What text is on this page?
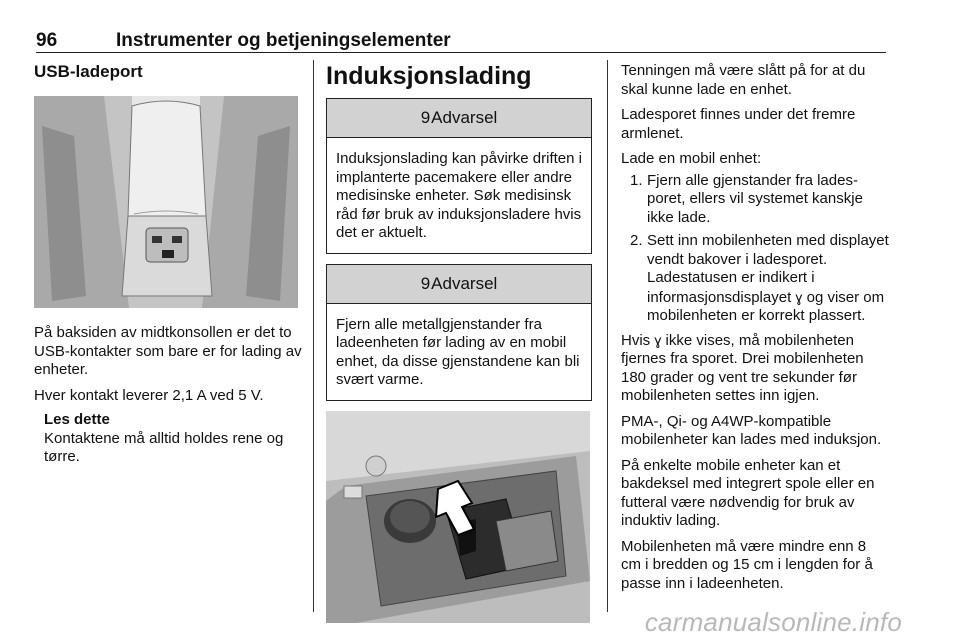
96	Instrumenter og betjeningselementer
USB-ladeport

På baksiden av midtkonsollen er det to USB-kontakter som bare er for lading av enheter.

Hver kontakt leverer 2,1 A ved 5 V.

Les dette

Kontaktene må alltid holdes rene og tørre.

Induksjonslading
9 Advarsel

Induksjonslading kan påvirke driften i implanterte pacemakere eller andre medisinske enheter. Søk medisinsk råd før bruk av induksjonsladere hvis det er aktuelt.

9 Advarsel

Fjern alle metallgjenstander fra ladeenheten før lading av en mobil enhet, da disse gjenstandene kan bli svært varme.

Tenningen må være slått på for at du skal kunne lade en enhet.

Ladesporet finnes under det fremre armlenet.

Lade en mobil enhet:

1. Fjern alle gjenstander fra ladesporet, ellers vil systemet kanskje ikke lade.
2. Sett inn mobilenheten med displayet vendt bakover i ladesporet. Ladestatusen er indikert i informasjonsdisplayet ɣ og viser om mobilenheten er korrekt plassert.

Hvis ɣ ikke vises, må mobilenheten fjernes fra sporet. Drei mobilenheten 180 grader og vent tre sekunder før mobilenheten settes inn igjen.

PMA-, Qi- og A4WP-kompatible mobilenheter kan lades med induksjon.

På enkelte mobile enheter kan et bakdeksel med integrert spole eller en futteral være nødvendig for bruk av induktiv lading.

Mobilenheten må være mindre enn 8 cm i bredden og 15 cm i lengden for å passe inn i ladeenheten.

carmanualsonline.info
